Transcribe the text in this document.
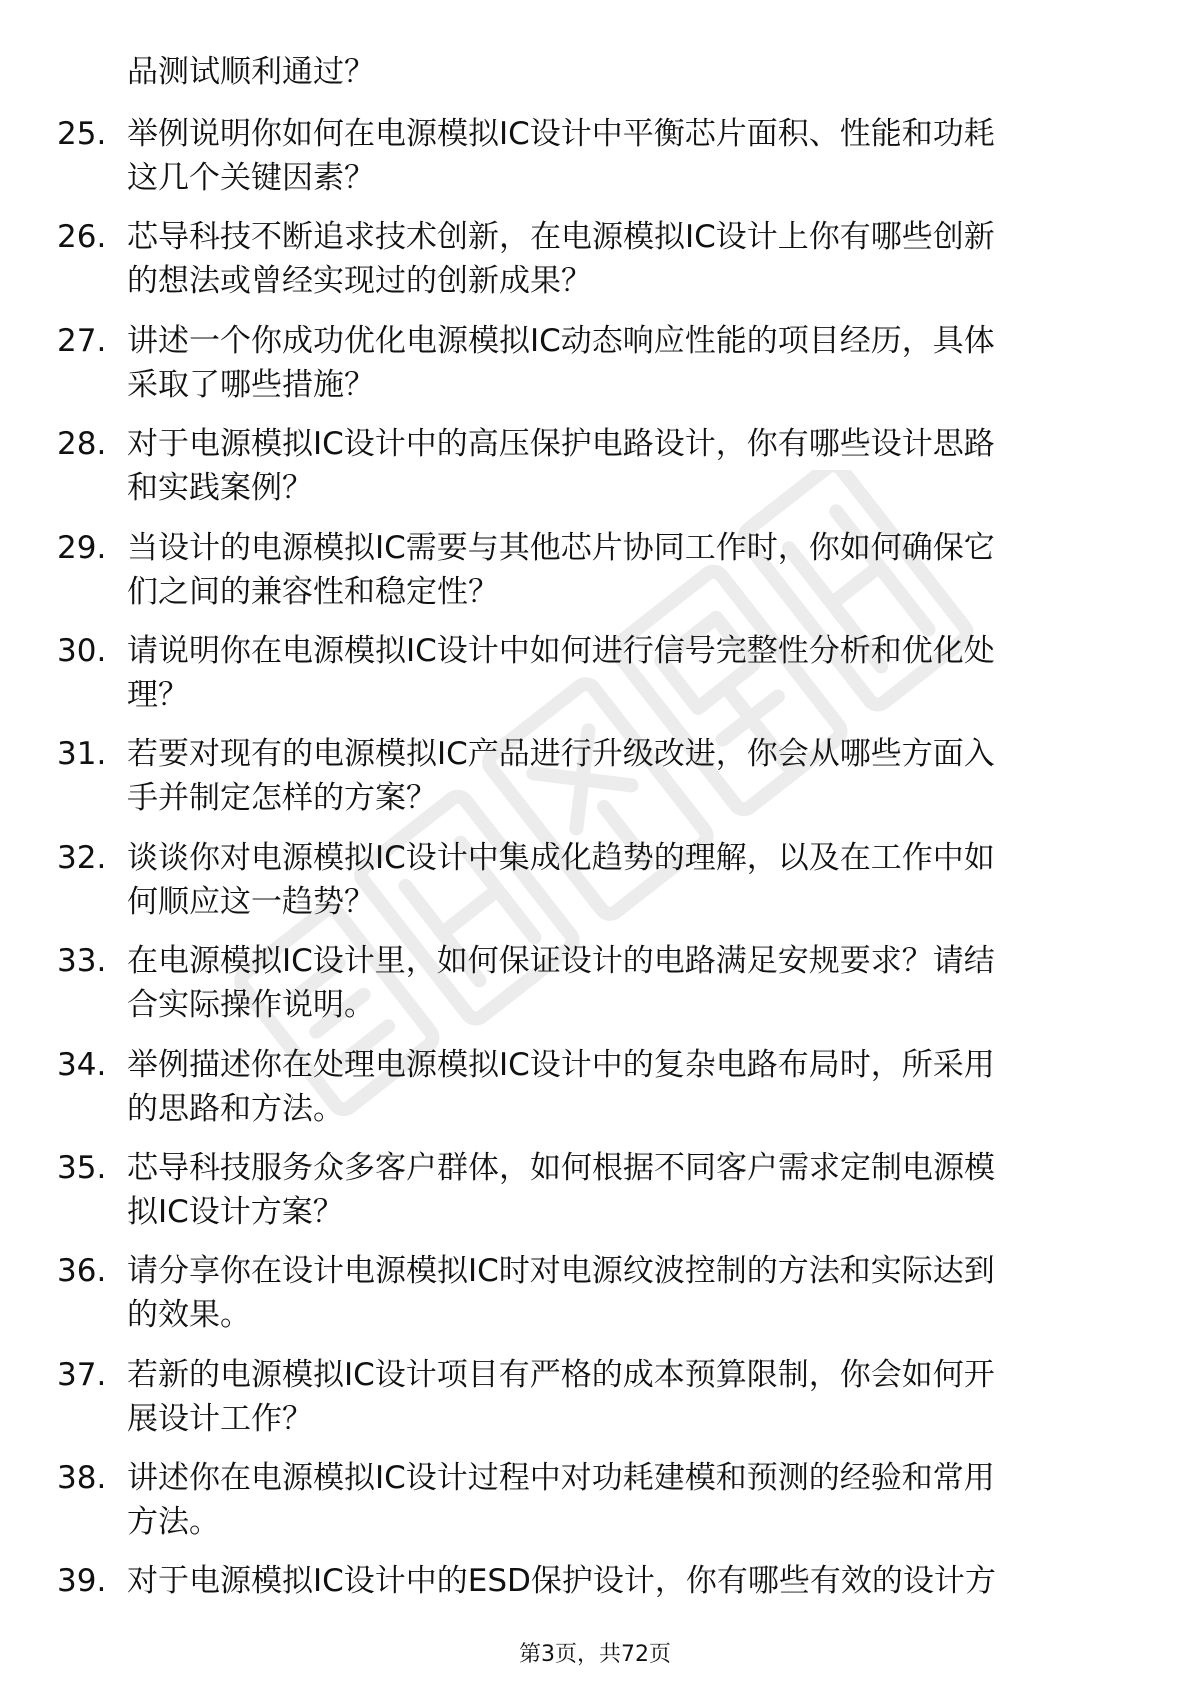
品测试顺利通过？
25. 举例说明你如何在电源模拟IC设计中平衡芯片面积、性能和功耗
这几个关键因素？
26. 芯导科技不断追求技术创新，在电源模拟IC设计上你有哪些创新
的想法或曾经实现过的创新成果？
27. 讲述一个你成功优化电源模拟IC动态响应性能的项目经历，具体
采取了哪些措施？
28. 对于电源模拟IC设计中的高压保护电路设计，你有哪些设计思路
和实践案例？
29. 当设计的电源模拟IC需要与其他芯片协同工作时，你如何确保它
们之间的兼容性和稳定性？
30. 请说明你在电源模拟IC设计中如何进行信号完整性分析和优化处
理？
31. 若要对现有的电源模拟IC产品进行升级改进，你会从哪些方面入
手并制定怎样的方案？
32. 谈谈你对电源模拟IC设计中集成化趋势的理解，以及在工作中如
何顺应这一趋势？
33. 在电源模拟IC设计里，如何保证设计的电路满足安规要求？请结
合实际操作说明。
34. 举例描述你在处理电源模拟IC设计中的复杂电路布局时，所采用
的思路和方法。
35. 芯导科技服务众多客户群体，如何根据不同客户需求定制电源模
拟IC设计方案？
36. 请分享你在设计电源模拟IC时对电源纹波控制的方法和实际达到
的效果。
37. 若新的电源模拟IC设计项目有严格的成本预算限制，你会如何开
展设计工作？
38. 讲述你在电源模拟IC设计过程中对功耗建模和预测的经验和常用
方法。
39. 对于电源模拟IC设计中的ESD保护设计，你有哪些有效的设计方
第3页，共72页
